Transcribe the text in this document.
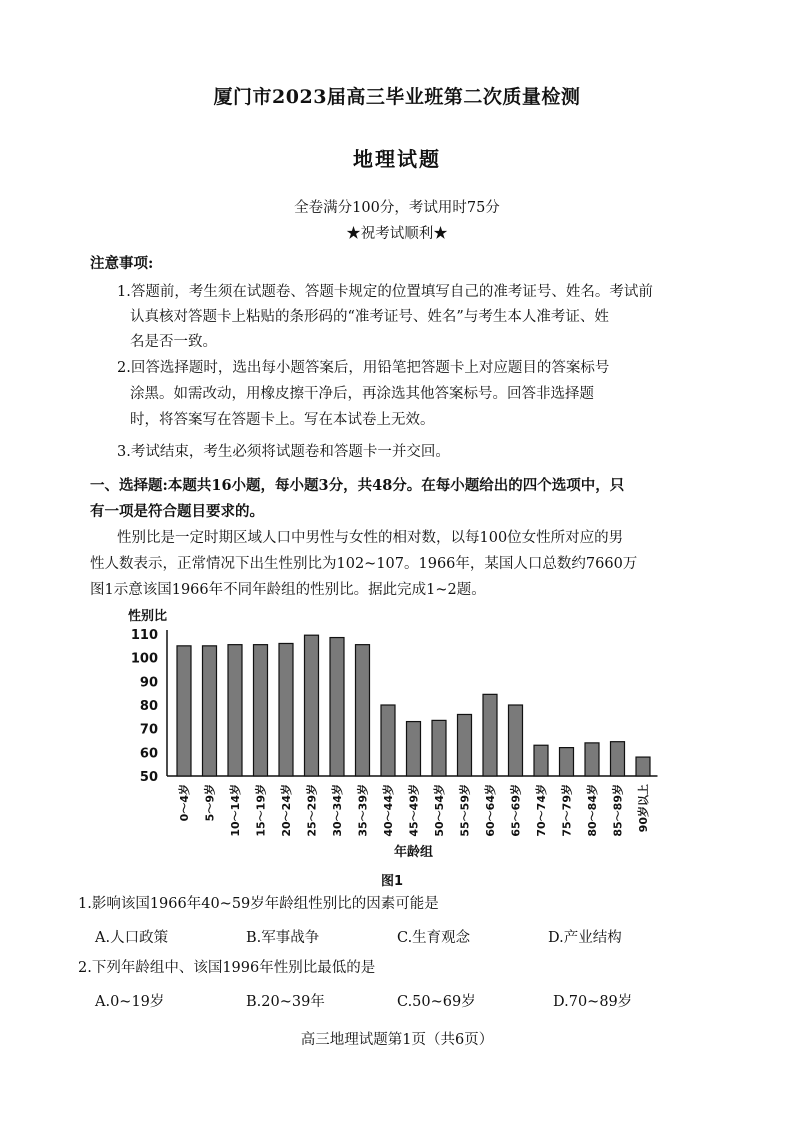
厦门市2023届高三毕业班第二次质量检测
地理试题
全卷满分100分，考试用时75分
★祝考试顺利★
注意事项:
1.答题前，考生须在试题卷、答题卡规定的位置填写自己的准考证号、姓名。考试前
认真核对答题卡上粘贴的条形码的“准考证号、姓名”与考生本人准考证、姓
名是否一致。
2.回答选择题时，选出每小题答案后，用铅笔把答题卡上对应题目的答案标号
涂黑。如需改动，用橡皮擦干净后，再涂选其他答案标号。回答非选择题
时，将答案写在答题卡上。写在本试卷上无效。
3.考试结束，考生必须将试题卷和答题卡一并交回。
一、选择题:本题共16小题，每小题3分，共48分。在每小题给出的四个选项中，只
有一项是符合题目要求的。
性别比是一定时期区域人口中男性与女性的相对数，以每100位女性所对应的男
性人数表示，正常情况下出生性别比为102~107。1966年，某国人口总数约7660万
图1示意该国1966年不同年龄组的性别比。据此完成1~2题。
性别比
50
60
70
80
90
100
110
0～4岁 5～9岁 10～14岁 15～19岁 20～24岁 25～29岁 30～34岁 35～39岁 40～44岁 45～49岁 50～54岁 55～59岁 60～64岁 65～69岁 70～74岁 75～79岁 80～84岁 85～89岁 90岁以上
年龄组
图1
1.影响该国1966年40~59岁年龄组性别比的因素可能是
A.人口政策	B.军事战争	C.生育观念	D.产业结构
2.下列年龄组中、该国1996年性别比最低的是
A.0~19岁	B.20~39年	C.50~69岁	D.70~89岁
高三地理试题第1页（共6页）
